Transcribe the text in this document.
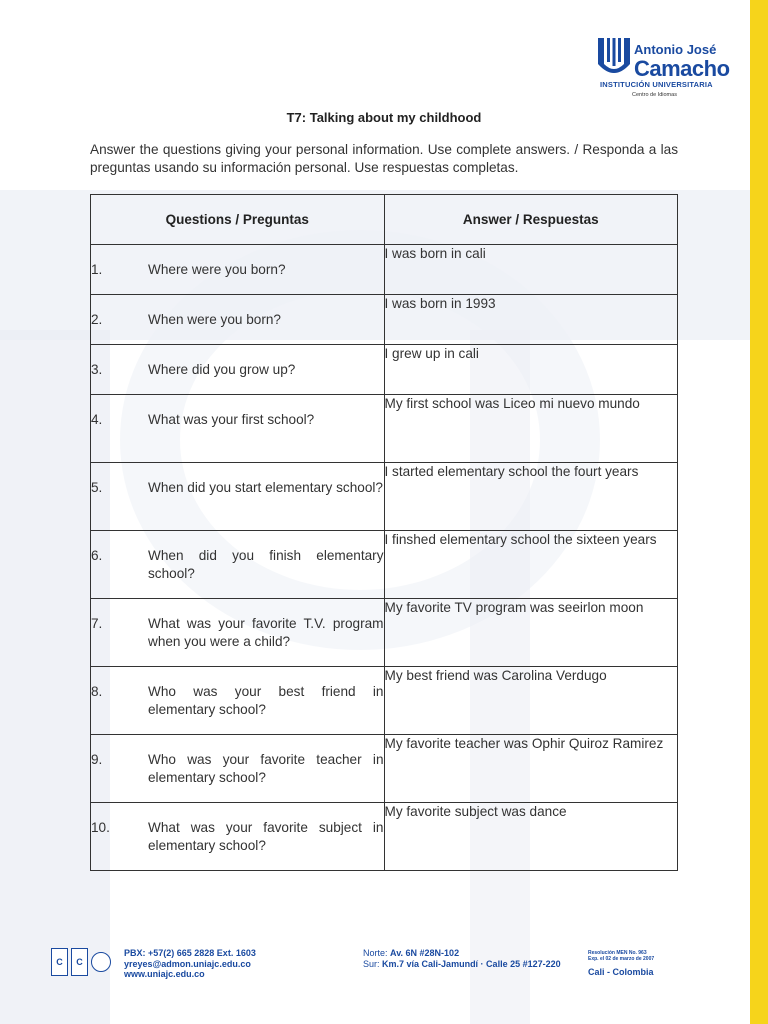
Antonio José
Camacho
INSTITUCIÓN UNIVERSITARIA
Centro de Idiomas
T7: Talking about my childhood
Answer the questions giving your personal information. Use complete answers. / Responda a las preguntas usando su información personal. Use respuestas completas.
Questions / Preguntas	Answer / Respuestas

1. Where were you born?	I was born in cali

2. When were you born?	I was born in 1993

3. Where did you grow up?	I grew up in cali

4. What was your first school?	My first school was Liceo mi nuevo mundo

5. When did you start elementary school?	I started elementary school the fourt years

6. When did you finish elementary school?	I finshed elementary school the sixteen years

7. What was your favorite T.V. program when you were a child?	My favorite TV program was seeirlon moon

8. Who was your best friend in elementary school?	My best friend was Carolina Verdugo

9. Who was your favorite teacher in elementary school?	My favorite teacher was Ophir Quiroz Ramirez

10. What was your favorite subject in elementary school?	My favorite subject was dance
C	C
PBX: +57(2) 665 2828 Ext. 1603
yreyes@admon.uniajc.edu.co
www.uniajc.edu.co
Norte: Av. 6N #28N-102
Sur: Km.7 vía Cali-Jamundí · Calle 25 #127-220
Resolución MEN No. 963
Exp. el 02 de marzo de 2007
Cali - Colombia
